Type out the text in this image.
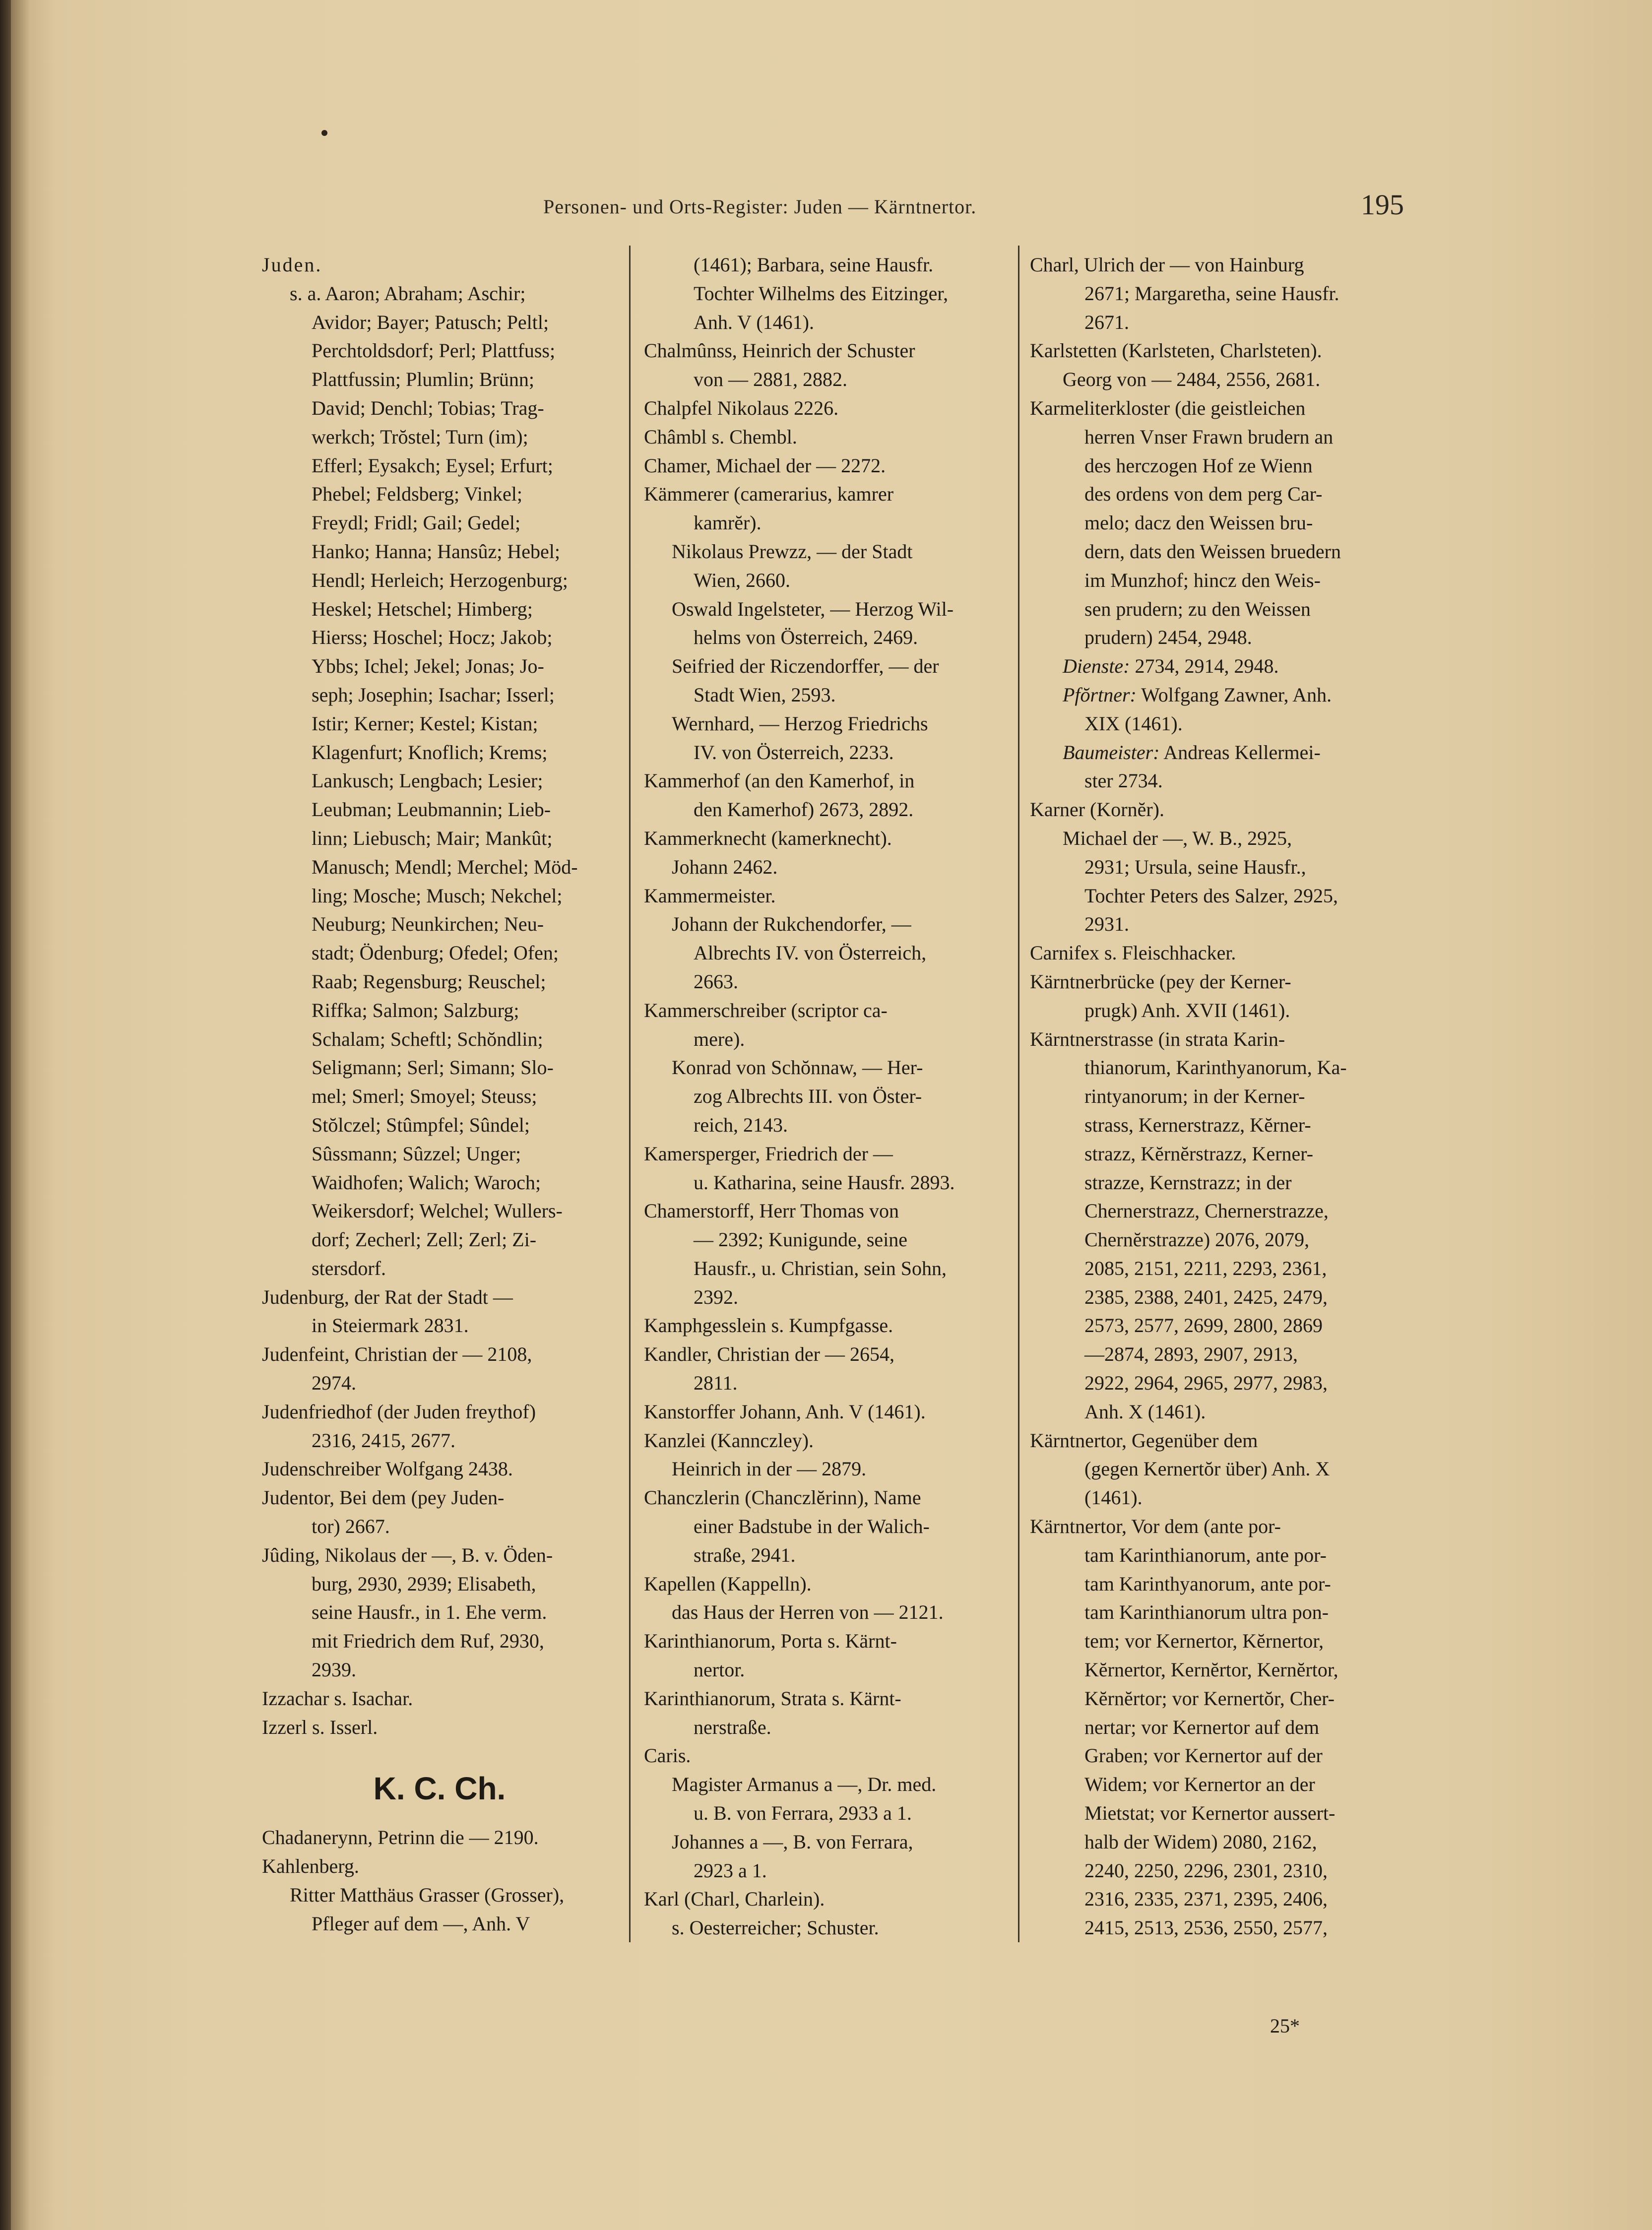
Personen- und Orts-Register: Juden — Kärntnertor.	195
Juden.
s. a. Aaron; Abraham; Aschir;
Avidor; Bayer; Patusch; Peltl;
Perchtoldsdorf; Perl; Plattfuss;
Plattfussin; Plumlin; Brünn;
David; Denchl; Tobias; Trag-
werkch; Trŏstel; Turn (im);
Efferl; Eysakch; Eysel; Erfurt;
Phebel; Feldsberg; Vinkel;
Freydl; Fridl; Gail; Gedel;
Hanko; Hanna; Hansûz; Hebel;
Hendl; Herleich; Herzogenburg;
Heskel; Hetschel; Himberg;
Hierss; Hoschel; Hocz; Jakob;
Ybbs; Ichel; Jekel; Jonas; Jo-
seph; Josephin; Isachar; Isserl;
Istir; Kerner; Kestel; Kistan;
Klagenfurt; Knoflich; Krems;
Lankusch; Lengbach; Lesier;
Leubman; Leubmannin; Lieb-
linn; Liebusch; Mair; Mankût;
Manusch; Mendl; Merchel; Möd-
ling; Mosche; Musch; Nekchel;
Neuburg; Neunkirchen; Neu-
stadt; Ödenburg; Ofedel; Ofen;
Raab; Regensburg; Reuschel;
Riffka; Salmon; Salzburg;
Schalam; Scheftl; Schŏndlin;
Seligmann; Serl; Simann; Slo-
mel; Smerl; Smoyel; Steuss;
Stŏlczel; Stûmpfel; Sûndel;
Sûssmann; Sûzzel; Unger;
Waidhofen; Walich; Waroch;
Weikersdorf; Welchel; Wullers-
dorf; Zecherl; Zell; Zerl; Zi-
stersdorf.
Judenburg, der Rat der Stadt —
in Steiermark 2831.
Judenfeint, Christian der — 2108,
2974.
Judenfriedhof (der Juden freythof)
2316, 2415, 2677.
Judenschreiber Wolfgang 2438.
Judentor, Bei dem (pey Juden-
tor) 2667.
Jûding, Nikolaus der —, B. v. Öden-
burg, 2930, 2939; Elisabeth,
seine Hausfr., in 1. Ehe verm.
mit Friedrich dem Ruf, 2930,
2939.
Izzachar s. Isachar.
Izzerl s. Isserl.
K. C. Ch.
Chadanerynn, Petrinn die — 2190.
Kahlenberg.
Ritter Matthäus Grasser (Grosser),
Pfleger auf dem —, Anh. V
(1461); Barbara, seine Hausfr.
Tochter Wilhelms des Eitzinger,
Anh. V (1461).
Chalmûnss, Heinrich der Schuster
von — 2881, 2882.
Chalpfel Nikolaus 2226.
Châmbl s. Chembl.
Chamer, Michael der — 2272.
Kämmerer (camerarius, kamrer
kamrĕr).
Nikolaus Prewzz, — der Stadt
Wien, 2660.
Oswald Ingelsteter, — Herzog Wil-
helms von Österreich, 2469.
Seifried der Riczendorffer, — der
Stadt Wien, 2593.
Wernhard, — Herzog Friedrichs
IV. von Österreich, 2233.
Kammerhof (an den Kamerhof, in
den Kamerhof) 2673, 2892.
Kammerknecht (kamerknecht).
Johann 2462.
Kammermeister.
Johann der Rukchendorfer, —
Albrechts IV. von Österreich,
2663.
Kammerschreiber (scriptor ca-
mere).
Konrad von Schŏnnaw, — Her-
zog Albrechts III. von Öster-
reich, 2143.
Kamersperger, Friedrich der —
u. Katharina, seine Hausfr. 2893.
Chamerstorff, Herr Thomas von
— 2392; Kunigunde, seine
Hausfr., u. Christian, sein Sohn,
2392.
Kamphgesslein s. Kumpfgasse.
Kandler, Christian der — 2654,
2811.
Kanstorffer Johann, Anh. V (1461).
Kanzlei (Kannczley).
Heinrich in der — 2879.
Chanczlerin (Chanczlĕrinn), Name
einer Badstube in der Walich-
straße, 2941.
Kapellen (Kappelln).
das Haus der Herren von — 2121.
Karinthianorum, Porta s. Kärnt-
nertor.
Karinthianorum, Strata s. Kärnt-
nerstraße.
Caris.
Magister Armanus a —, Dr. med.
u. B. von Ferrara, 2933 a 1.
Johannes a —, B. von Ferrara,
2923 a 1.
Karl (Charl, Charlein).
s. Oesterreicher; Schuster.
Charl, Ulrich der — von Hainburg
2671; Margaretha, seine Hausfr.
2671.
Karlstetten (Karlsteten, Charlsteten).
Georg von — 2484, 2556, 2681.
Karmeliterkloster (die geistleichen
herren Vnser Frawn brudern an
des herczogen Hof ze Wienn
des ordens von dem perg Car-
melo; dacz den Weissen bru-
dern, dats den Weissen bruedern
im Munzhof; hincz den Weis-
sen prudern; zu den Weissen
prudern) 2454, 2948.
Dienste: 2734, 2914, 2948.
Pfŏrtner: Wolfgang Zawner, Anh.
XIX (1461).
Baumeister: Andreas Kellermei-
ster 2734.
Karner (Kornĕr).
Michael der —, W. B., 2925,
2931; Ursula, seine Hausfr.,
Tochter Peters des Salzer, 2925,
2931.
Carnifex s. Fleischhacker.
Kärntnerbrücke (pey der Kerner-
prugk) Anh. XVII (1461).
Kärntnerstrasse (in strata Karin-
thianorum, Karinthyanorum, Ka-
rintyanorum; in der Kerner-
strass, Kernerstrazz, Kĕrner-
strazz, Kĕrnĕrstrazz, Kerner-
strazze, Kernstrazz; in der
Chernerstrazz, Chernerstrazze,
Chernĕrstrazze) 2076, 2079,
2085, 2151, 2211, 2293, 2361,
2385, 2388, 2401, 2425, 2479,
2573, 2577, 2699, 2800, 2869
—2874, 2893, 2907, 2913,
2922, 2964, 2965, 2977, 2983,
Anh. X (1461).
Kärntnertor, Gegenüber dem
(gegen Kernertŏr über) Anh. X
(1461).
Kärntnertor, Vor dem (ante por-
tam Karinthianorum, ante por-
tam Karinthyanorum, ante por-
tam Karinthianorum ultra pon-
tem; vor Kernertor, Kĕrnertor,
Kĕrnertor, Kernĕrtor, Kernĕrtor,
Kĕrnĕrtor; vor Kernertŏr, Cher-
nertar; vor Kernertor auf dem
Graben; vor Kernertor auf der
Widem; vor Kernertor an der
Mietstat; vor Kernertor aussert-
halb der Widem) 2080, 2162,
2240, 2250, 2296, 2301, 2310,
2316, 2335, 2371, 2395, 2406,
2415, 2513, 2536, 2550, 2577,
25*
